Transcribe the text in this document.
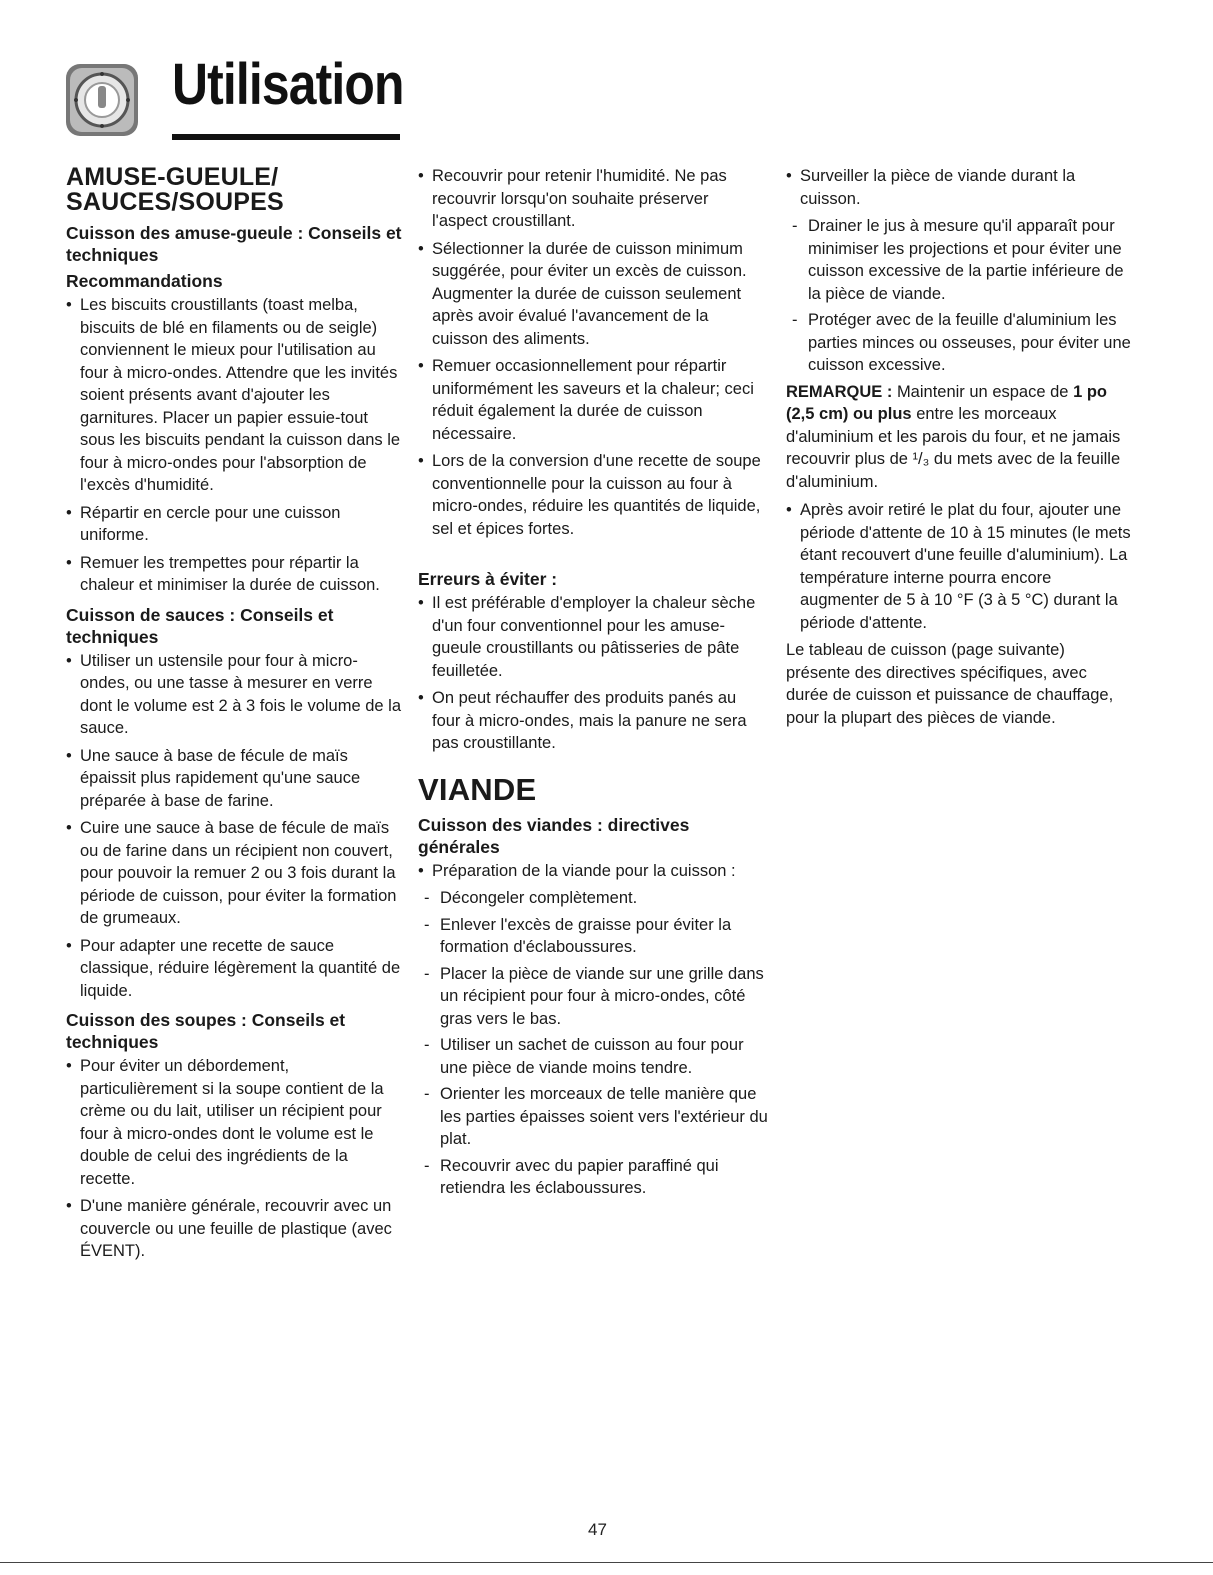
Utilisation
AMUSE-GUEULE/ SAUCES/SOUPES
Cuisson des amuse-gueule : Conseils et techniques
Recommandations
• Les biscuits croustillants (toast melba, biscuits de blé en filaments ou de seigle) conviennent le mieux pour l'utilisation au four à micro-ondes. Attendre que les invités soient présents avant d'ajouter les garnitures. Placer un papier essuie-tout sous les biscuits pendant la cuisson dans le four à micro-ondes pour l'absorption de l'excès d'humidité.
• Répartir en cercle pour une cuisson uniforme.
• Remuer les trempettes pour répartir la chaleur et minimiser la durée de cuisson.
Cuisson de sauces : Conseils et techniques
• Utiliser un ustensile pour four à micro-ondes, ou une tasse à mesurer en verre dont le volume est 2 à 3 fois le volume de la sauce.
• Une sauce à base de fécule de maïs épaissit plus rapidement qu'une sauce préparée à base de farine.
• Cuire une sauce à base de fécule de maïs ou de farine dans un récipient non couvert, pour pouvoir la remuer 2 ou 3 fois durant la période de cuisson, pour éviter la formation de grumeaux.
• Pour adapter une recette de sauce classique, réduire légèrement la quantité de liquide.
Cuisson des soupes : Conseils et techniques
• Pour éviter un débordement, particulièrement si la soupe contient de la crème ou du lait, utiliser un récipient pour four à micro-ondes dont le volume est le double de celui des ingrédients de la recette.
• D'une manière générale, recouvrir avec un couvercle ou une feuille de plastique (avec ÉVENT).
• Recouvrir pour retenir l'humidité. Ne pas recouvrir lorsqu'on souhaite préserver l'aspect croustillant.
• Sélectionner la durée de cuisson minimum suggérée, pour éviter un excès de cuisson. Augmenter la durée de cuisson seulement après avoir évalué l'avancement de la cuisson des aliments.
• Remuer occasionnellement pour répartir uniformément les saveurs et la chaleur; ceci réduit également la durée de cuisson nécessaire.
• Lors de la conversion d'une recette de soupe conventionnelle pour la cuisson au four à micro-ondes, réduire les quantités de liquide, sel et épices fortes.
Erreurs à éviter :
• Il est préférable d'employer la chaleur sèche d'un four conventionnel pour les amuse-gueule croustillants ou pâtisseries de pâte feuilletée.
• On peut réchauffer des produits panés au four à micro-ondes, mais la panure ne sera pas croustillante.
VIANDE
Cuisson des viandes : directives générales
• Préparation de la viande pour la cuisson :
- Décongeler complètement.
- Enlever l'excès de graisse pour éviter la formation d'éclaboussures.
- Placer la pièce de viande sur une grille dans un récipient pour four à micro-ondes, côté gras vers le bas.
- Utiliser un sachet de cuisson au four pour une pièce de viande moins tendre.
- Orienter les morceaux de telle manière que les parties épaisses soient vers l'extérieur du plat.
- Recouvrir avec du papier paraffiné qui retiendra les éclaboussures.
• Surveiller la pièce de viande durant la cuisson.
- Drainer le jus à mesure qu'il apparaît pour minimiser les projections et pour éviter une cuisson excessive de la partie inférieure de la pièce de viande.
- Protéger avec de la feuille d'aluminium les parties minces ou osseuses, pour éviter une cuisson excessive.
REMARQUE : Maintenir un espace de 1 po (2,5 cm) ou plus entre les morceaux d'aluminium et les parois du four, et ne jamais recouvrir plus de ¹/₃ du mets avec de la feuille d'aluminium.
• Après avoir retiré le plat du four, ajouter une période d'attente de 10 à 15 minutes (le mets étant recouvert d'une feuille d'aluminium). La température interne pourra encore augmenter de 5 à 10 °F (3 à 5 °C) durant la période d'attente.
Le tableau de cuisson (page suivante) présente des directives spécifiques, avec durée de cuisson et puissance de chauffage, pour la plupart des pièces de viande.
47
